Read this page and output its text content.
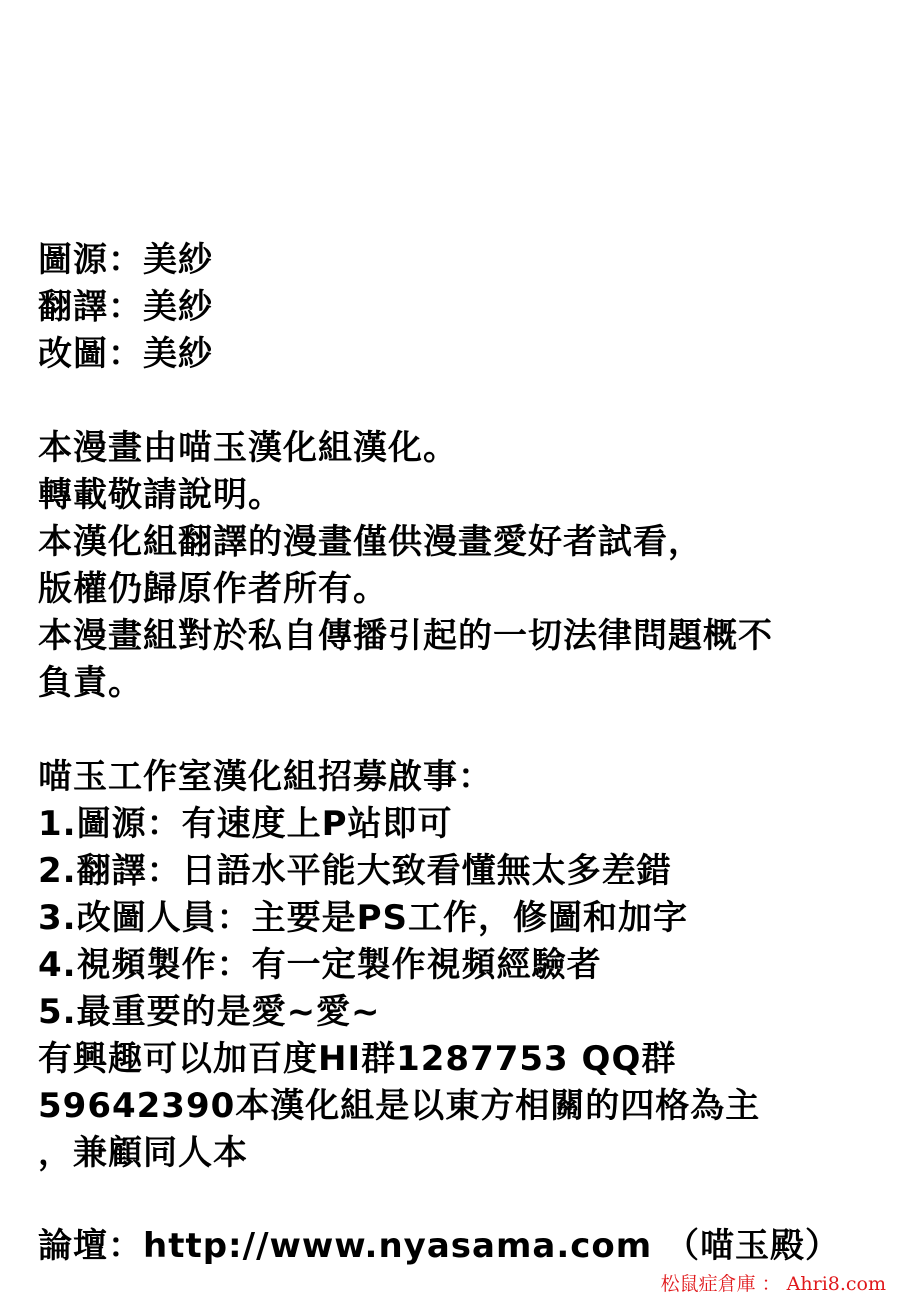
圖源：美紗
翻譯：美紗
改圖：美紗
本漫畫由喵玉漢化組漢化。
轉載敬請說明。
本漢化組翻譯的漫畫僅供漫畫愛好者試看，
版權仍歸原作者所有。
本漫畫組對於私自傳播引起的一切法律問題概不
負責。
喵玉工作室漢化組招募啟事：
1.圖源：有速度上P站即可
2.翻譯：日語水平能大致看懂無太多差錯
3.改圖人員：主要是PS工作，修圖和加字
4.視頻製作：有一定製作視頻經驗者
5.最重要的是愛~愛~
有興趣可以加百度HI群1287753 QQ群
59642390本漢化組是以東方相關的四格為主
，兼顧同人本
論壇：http://www.nyasama.com （喵玉殿）
松鼠症倉庫 ： Ahri8.com
